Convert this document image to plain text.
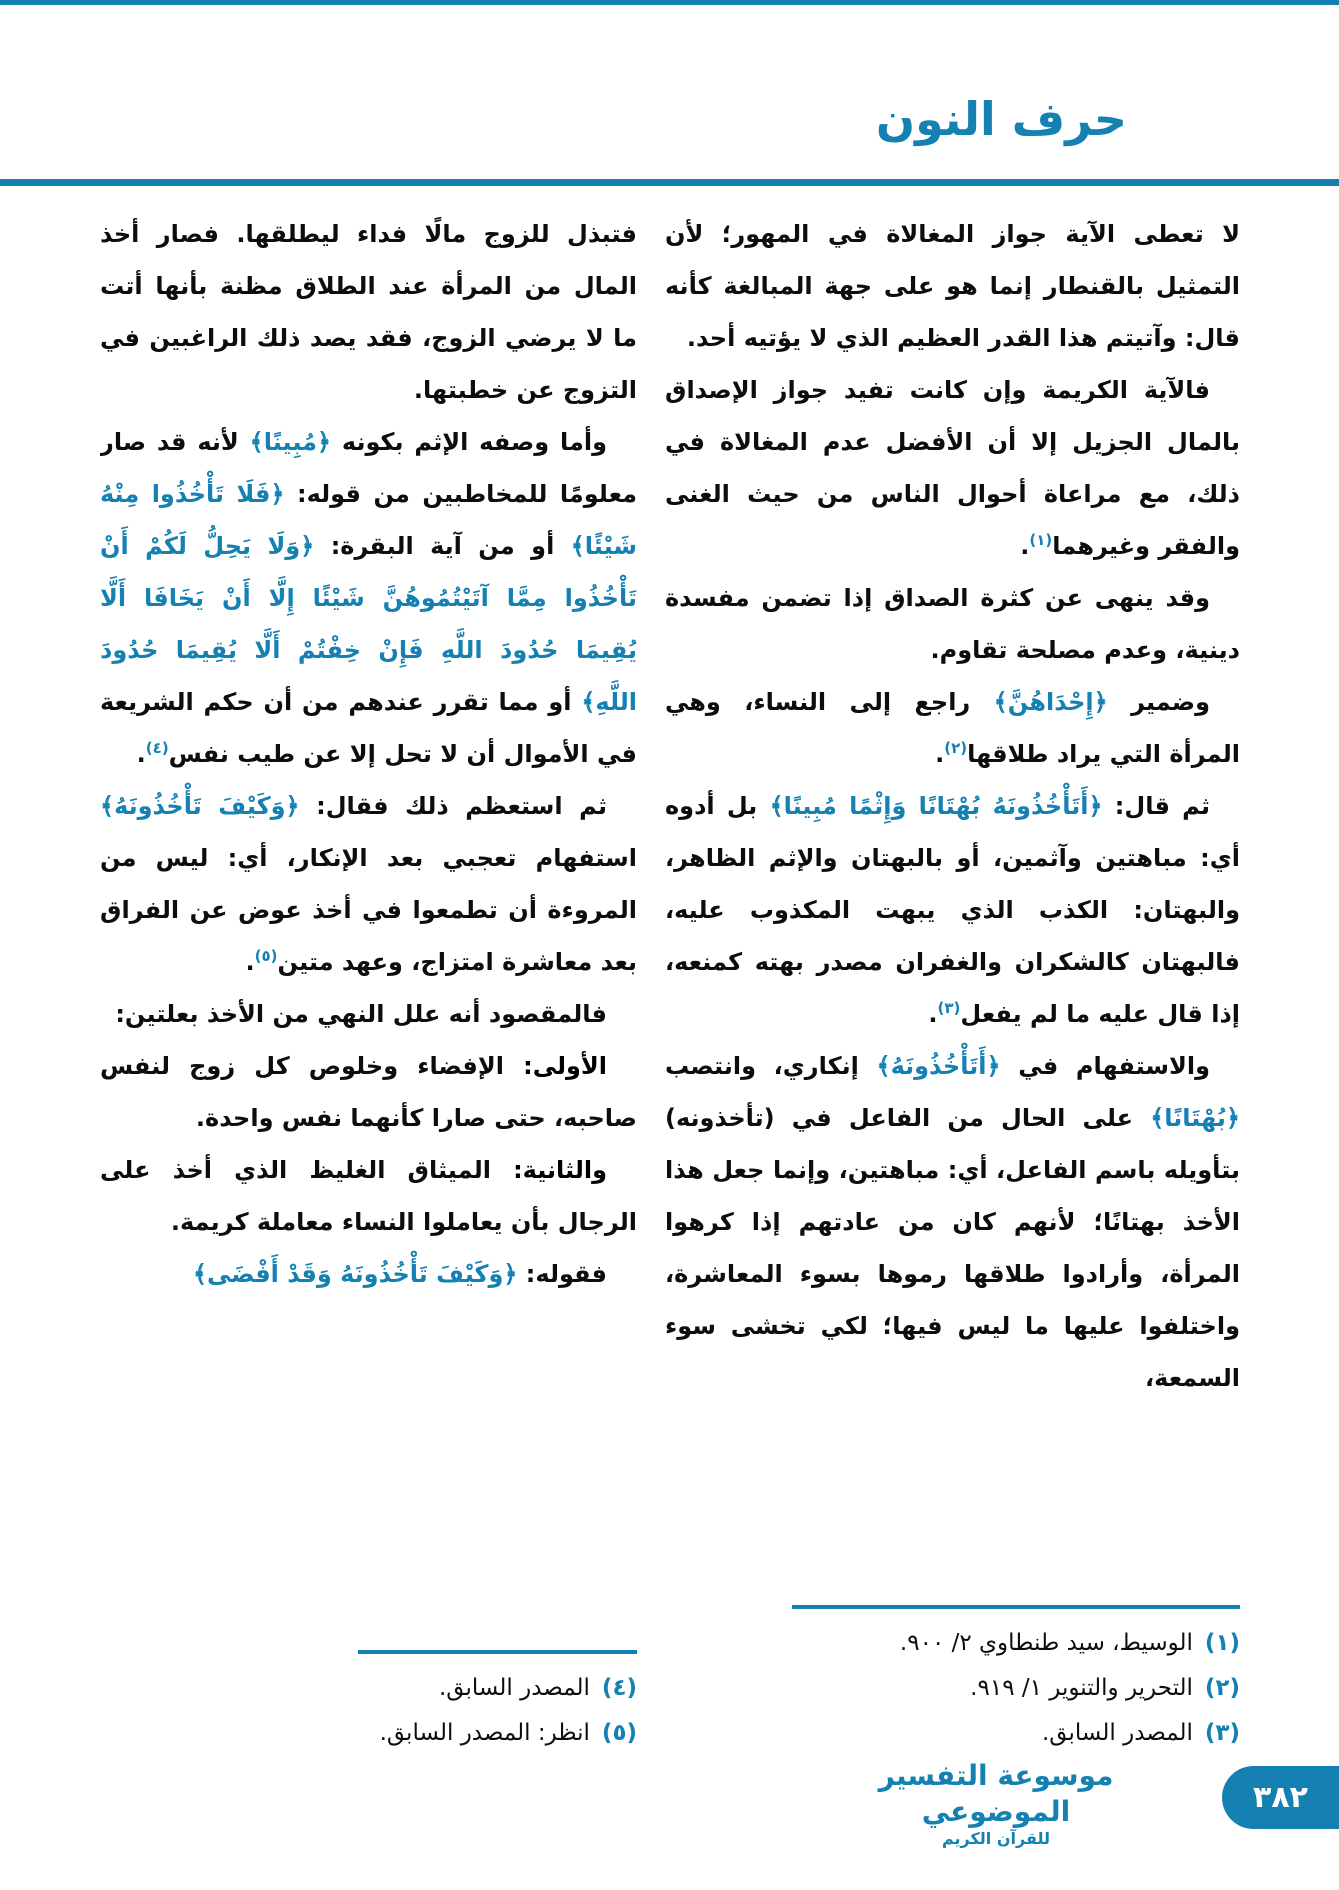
حرف النون

لا تعطى الآية جواز المغالاة في المهور؛ لأن التمثيل بالقنطار إنما هو على جهة المبالغة كأنه قال: وآتيتم هذا القدر العظيم الذي لا يؤتيه أحد.

فالآية الكريمة وإن كانت تفيد جواز الإصداق بالمال الجزيل إلا أن الأفضل عدم المغالاة في ذلك، مع مراعاة أحوال الناس من حيث الغنى والفقر وغيرهما$^{(١)}$.

وقد ينهى عن كثرة الصداق إذا تضمن مفسدة دينية، وعدم مصلحة تقاوم.

وضمير ﴿إِحْدَاهُنَّ﴾ راجع إلى النساء، وهي المرأة التي يراد طلاقها$^{(٢)}$.

ثم قال: ﴿أَتَأْخُذُونَهُ بُهْتَانًا وَإِثْمًا مُبِينًا﴾ بل أدوه أي: مباهتين وآثمين، أو بالبهتان والإثم الظاهر، والبهتان: الكذب الذي يبهت المكذوب عليه، فالبهتان كالشكران والغفران مصدر بهته كمنعه، إذا قال عليه ما لم يفعل$^{(٣)}$.

والاستفهام في ﴿أَتَأْخُذُونَهُ﴾ إنكاري، وانتصب ﴿بُهْتَانًا﴾ على الحال من الفاعل في (تأخذونه) بتأويله باسم الفاعل، أي: مباهتين، وإنما جعل هذا الأخذ بهتانًا؛ لأنهم كان من عادتهم إذا كرهوا المرأة، وأرادوا طلاقها رموها بسوء المعاشرة، واختلفوا عليها ما ليس فيها؛ لكي تخشى سوء السمعة،

(١)الوسيط، سيد طنطاوي ٢/ ٩٠٠.
(٢)التحرير والتنوير ١/ ٩١٩.
(٣)المصدر السابق.

فتبذل للزوج مالًا فداء ليطلقها. فصار أخذ المال من المرأة عند الطلاق مظنة بأنها أتت ما لا يرضي الزوج، فقد يصد ذلك الراغبين في التزوج عن خطبتها.

وأما وصفه الإثم بكونه ﴿مُبِينًا﴾ لأنه قد صار معلومًا للمخاطبين من قوله: ﴿فَلَا تَأْخُذُوا مِنْهُ شَيْئًا﴾ أو من آية البقرة: ﴿وَلَا يَحِلُّ لَكُمْ أَنْ تَأْخُذُوا مِمَّا آتَيْتُمُوهُنَّ شَيْئًا إِلَّا أَنْ يَخَافَا أَلَّا يُقِيمَا حُدُودَ اللَّهِ فَإِنْ خِفْتُمْ أَلَّا يُقِيمَا حُدُودَ اللَّهِ﴾ أو مما تقرر عندهم من أن حكم الشريعة في الأموال أن لا تحل إلا عن طيب نفس$^{(٤)}$.

ثم استعظم ذلك فقال: ﴿وَكَيْفَ تَأْخُذُونَهُ﴾ استفهام تعجبي بعد الإنكار، أي: ليس من المروءة أن تطمعوا في أخذ عوض عن الفراق بعد معاشرة امتزاج، وعهد متين$^{(٥)}$.

فالمقصود أنه علل النهي من الأخذ بعلتين:

الأولى: الإفضاء وخلوص كل زوج لنفس صاحبه، حتى صارا كأنهما نفس واحدة.

والثانية: الميثاق الغليظ الذي أخذ على الرجال بأن يعاملوا النساء معاملة كريمة.

فقوله: ﴿وَكَيْفَ تَأْخُذُونَهُ وَقَدْ أَفْضَى﴾

(٤)المصدر السابق.
(٥)انظر: المصدر السابق.
موسوعة التفسير الموضوعي
للقرآن الكريم
٣٨٢
